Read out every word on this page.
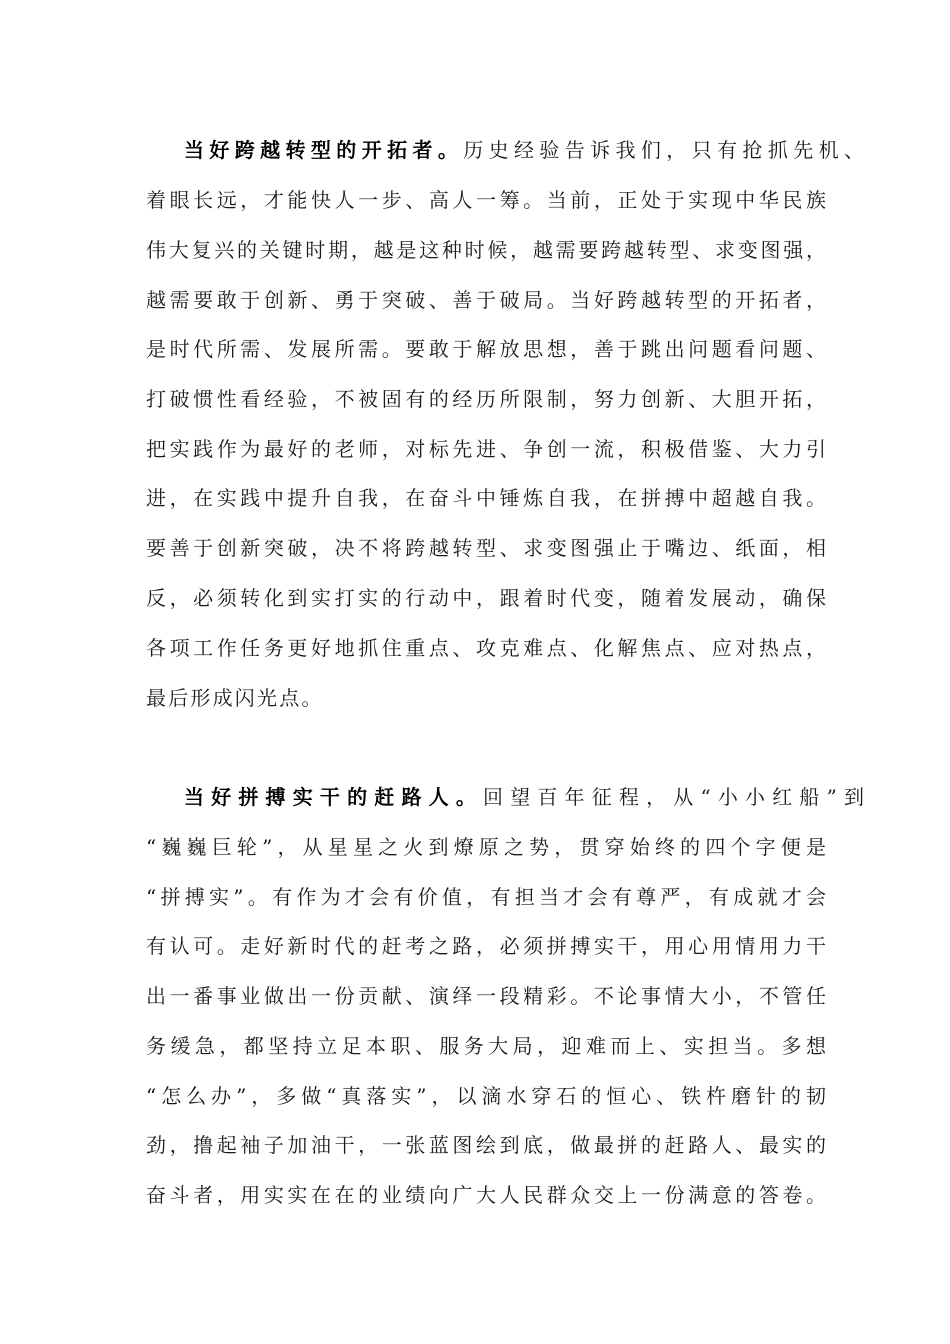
当好跨越转型的开拓者。历史经验告诉我们，只有抢抓先机、
着眼长远，才能快人一步、高人一筹。当前，正处于实现中华民族
伟大复兴的关键时期，越是这种时候，越需要跨越转型、求变图强，
越需要敢于创新、勇于突破、善于破局。当好跨越转型的开拓者，
是时代所需、发展所需。要敢于解放思想，善于跳出问题看问题、
打破惯性看经验，不被固有的经历所限制，努力创新、大胆开拓，
把实践作为最好的老师，对标先进、争创一流，积极借鉴、大力引
进，在实践中提升自我，在奋斗中锤炼自我，在拼搏中超越自我。
要善于创新突破，决不将跨越转型、求变图强止于嘴边、纸面，相
反，必须转化到实打实的行动中，跟着时代变，随着发展动，确保
各项工作任务更好地抓住重点、攻克难点、化解焦点、应对热点，
最后形成闪光点。
当好拼搏实干的赶路人。回望百年征程，从“小小红船”到
“巍巍巨轮”，从星星之火到燎原之势，贯穿始终的四个字便是
“拼搏实”。有作为才会有价值，有担当才会有尊严，有成就才会
有认可。走好新时代的赶考之路，必须拼搏实干，用心用情用力干
出一番事业做出一份贡献、演绎一段精彩。不论事情大小，不管任
务缓急，都坚持立足本职、服务大局，迎难而上、实担当。多想
“怎么办”，多做“真落实”，以滴水穿石的恒心、铁杵磨针的韧
劲，撸起袖子加油干，一张蓝图绘到底，做最拼的赶路人、最实的
奋斗者，用实实在在的业绩向广大人民群众交上一份满意的答卷。
